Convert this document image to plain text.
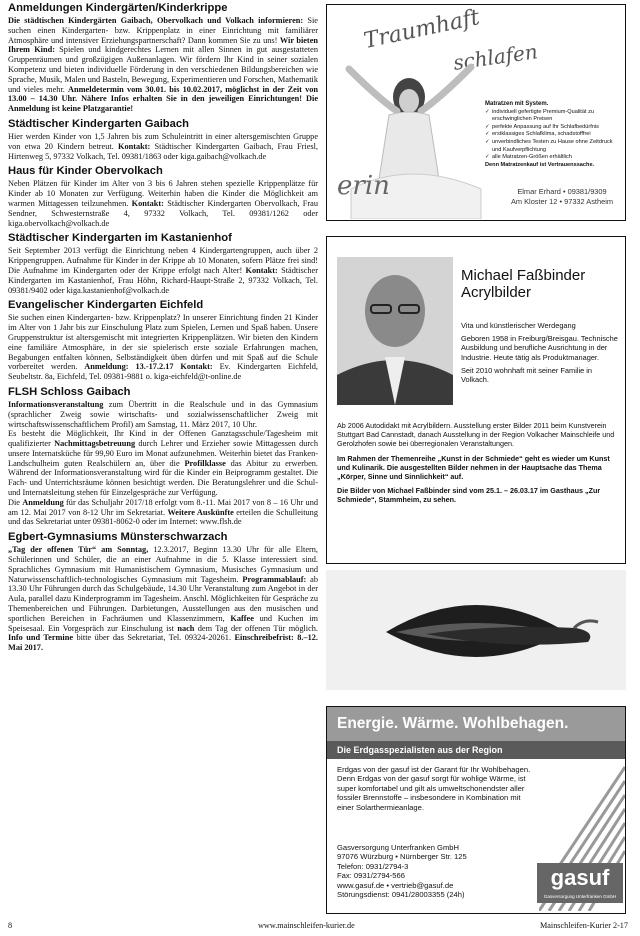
Anmeldungen Kindergärten/Kinderkrippe

Die städtischen Kindergärten Gaibach, Obervolkach und Volkach informieren: Sie suchen einen Kindergarten- bzw. Krippenplatz in einer Einrichtung mit familiärer Atmosphäre und intensiver Erziehungspartnerschaft? Dann kommen Sie zu uns! Wir bieten Ihrem Kind: Spielen und kindgerechtes Lernen mit allen Sinnen in gut ausgestatteten Gruppenräumen und großzügigen Außenanlagen. Wir fördern Ihr Kind in seiner sozialen Kompetenz und bieten individuelle Förderung in den verschiedenen Bildungsbereichen wie Sprache, Musik, Malen und Basteln, Bewegung, Experimentieren und Forschen, Mathematik und vieles mehr. Anmeldetermin vom 30.01. bis 10.02.2017, möglichst in der Zeit von 13.00 – 14.30 Uhr. Nähere Infos erhalten Sie in den jeweiligen Einrichtungen! Die Anmeldung ist keine Platzgarantie!

Städtischer Kindergarten Gaibach

Hier werden Kinder von 1,5 Jahren bis zum Schuleintritt in einer altersgemischten Gruppe von etwa 20 Kindern betreut. Kontakt: Städtischer Kindergarten Gaibach, Frau Friesl, Hirtenweg 5, 97332 Volkach, Tel. 09381/1863 oder kiga.gaibach@volkach.de

Haus für Kinder Obervolkach

Neben Plätzen für Kinder im Alter von 3 bis 6 Jahren stehen spezielle Krippenplätze für Kinder ab 10 Monaten zur Verfügung. Weiterhin haben die Kinder die Möglichkeit am warmen Mittagessen teilzunehmen. Kontakt: Städtischer Kindergarten Obervolkach, Frau Sendner, Schwesternstraße 4, 97332 Volkach, Tel. 09381/1262 oder kiga.obervolkach@volkach.de

Städtischer Kindergarten im Kastanienhof

Seit September 2013 verfügt die Einrichtung neben 4 Kindergartengruppen, auch über 2 Krippengruppen. Aufnahme für Kinder in der Krippe ab 10 Monaten, sofern Plätze frei sind! Die Aufnahme im Kindergarten oder der Krippe erfolgt nach Alter! Kontakt: Städtischer Kindergarten im Kastanienhof, Frau Höhn, Richard-Haupt-Straße 2, 97332 Volkach, Tel. 09381/9402 oder kiga.kastanienhof@volkach.de

Evangelischer Kindergarten Eichfeld

Sie suchen einen Kindergarten- bzw. Krippenplatz? In unserer Einrichtung finden 21 Kinder im Alter von 1 Jahr bis zur Einschulung Platz zum Spielen, Lernen und Spaß haben. Unsere Gruppenstruktur ist altersgemischt mit integrierten Krippenplätzen. Wir bieten den Kindern eine familiäre Atmosphäre, in der sie spielerisch erste soziale Erfahrungen machen, Begabungen entfalten können, Selbständigkeit üben dürfen und mit Spaß auf die Schule vorbereitet werden. Anmeldung: 13.-17.2.17 Kontakt: Ev. Kindergarten Eichfeld, Seubeltstr. 8a, Eichfeld, Tel. 09381-9881 o. kiga-eichfeld@t-online.de

FLSH Schloss Gaibach

Informationsveranstaltung zum Übertritt in die Realschule und in das Gymnasium (sprachlicher Zweig sowie wirtschafts- und sozialwissenschaftlicher Zweig mit wirtschaftswissenschaftlichem Profil) am Samstag, 11. März 2017, 10 Uhr.

Es besteht die Möglichkeit, Ihr Kind in der Offenen Ganztagsschule/Tagesheim mit qualifizierter Nachmittagsbetreuung durch Lehrer und Erzieher sowie Mittagessen durch unsere Internatsküche für 99,90 Euro im Monat aufzunehmen. Weiterhin bietet das Franken-Landschulheim guten Realschülern an, über die Profilklasse das Abitur zu erwerben. Während der Informationsveranstaltung wird für die Kinder ein Beiprogramm gestaltet. Die Fach- und Unterrichtsräume können besichtigt werden. Die Beratungslehrer und die Schul- und Internatsleitung stehen für Einzelgespräche zur Verfügung.

Die Anmeldung für das Schuljahr 2017/18 erfolgt vom 8.-11. Mai 2017 von 8 – 16 Uhr und am 12. Mai 2017 von 8-12 Uhr im Sekretariat. Weitere Auskünfte erteilen die Schulleitung und das Sekretariat unter 09381-8062-0 oder im Internet: www.flsh.de

Egbert-Gymnasiums Münsterschwarzach

„Tag der offenen Tür“ am Sonntag, 12.3.2017, Beginn 13.30 Uhr für alle Eltern, Schülerinnen und Schüler, die an einer Aufnahme in die 5. Klasse interessiert sind. Sprachliches Gymnasium mit Humanistischem Gymnasium, Musisches Gymnasium und Naturwissenschaftlich-technologisches Gymnasium mit Tagesheim. Programmablauf: ab 13.30 Uhr Führungen durch das Schulgebäude, 14.30 Uhr Veranstaltung zum Angebot in der Aula, parallel dazu Kinderprogramm im Tagesheim. Anschl. Möglichkeiten für Gespräche zu Themenbereichen und Führungen. Darbietungen, Ausstellungen aus den musischen und sportlichen Bereichen in Fachräumen und Klassenzimmern, Kaffee und Kuchen im Speisesaal. Ein Vorgespräch zur Einschulung ist nach dem Tag der offenen Tür möglich. Info und Termine bitte über das Sekretariat, Tel. 09324-20261. Einschreibefrist: 8.–12. Mai 2017.

Traumhaft
schlafen
erin
Matratzen mit System.
✓ individuell gefertigte Premium-Qualität zu erschwinglichen Preisen
✓ perfekte Anpassung auf Ihr Schlafbedürfnis
✓ erstklassiges Schlafklima, schadstofffrei
✓ unverbindliches Testen zu Hause ohne Zeitdruck und Kaufverpflichtung
✓ alle Matratzen-Größen erhältlich
Denn Matratzenkauf ist Vertrauenssache.
Elmar Erhard • 09381/9309
Am Kloster 12 • 97332 Astheim
Michael Faßbinder
Acrylbilder

Vita und künstlerischer Werdegang

Geboren 1958 in Freiburg/Breisgau. Technische Ausbildung und berufliche Ausrichtung in der Industrie. Heute tätig als Produktmanager.

Seit 2010 wohnhaft mit seiner Familie in Volkach.

Ab 2006 Autodidakt mit Acrylbildern. Ausstellung erster Bilder 2011 beim Kunstverein Stuttgart Bad Cannstadt, danach Ausstellung in der Region Volkacher Mainschleife und Gerolzhofen sowie bei überregionalen Veranstaltungen.

Im Rahmen der Themenreihe „Kunst in der Schmiede“ geht es wieder um Kunst und Kulinarik. Die ausgestellten Bilder nehmen in der Hauptsache das Thema „Körper, Sinne und Sinnlichkeit“ auf.

Die Bilder von Michael Faßbinder sind vom 25.1. – 26.03.17 im Gasthaus „Zur Schmiede“, Stammheim, zu sehen.

Energie. Wärme. Wohlbehagen.
Die Erdgasspezialisten aus der Region

Erdgas von der gasuf ist der Garant für Ihr Wohlbehagen. Denn Erdgas von der gasuf sorgt für wohlige Wärme, ist super komfortabel und gilt als umweltschonendster aller fossiler Brennstoffe – insbesondere in Kombination mit einer Solarthermieanlage.

Gasversorgung Unterfranken GmbH
97076 Würzburg • Nürnberger Str. 125
Telefon: 0931/2794-3
Fax: 0931/2794-566
www.gasuf.de • vertrieb@gasuf.de
Störungsdienst: 0941/28003355 (24h)
gasuf
Gasversorgung Unterfranken GmbH
8	www.mainschleifen-kurier.de	Mainschleifen-Kurier 2-17
